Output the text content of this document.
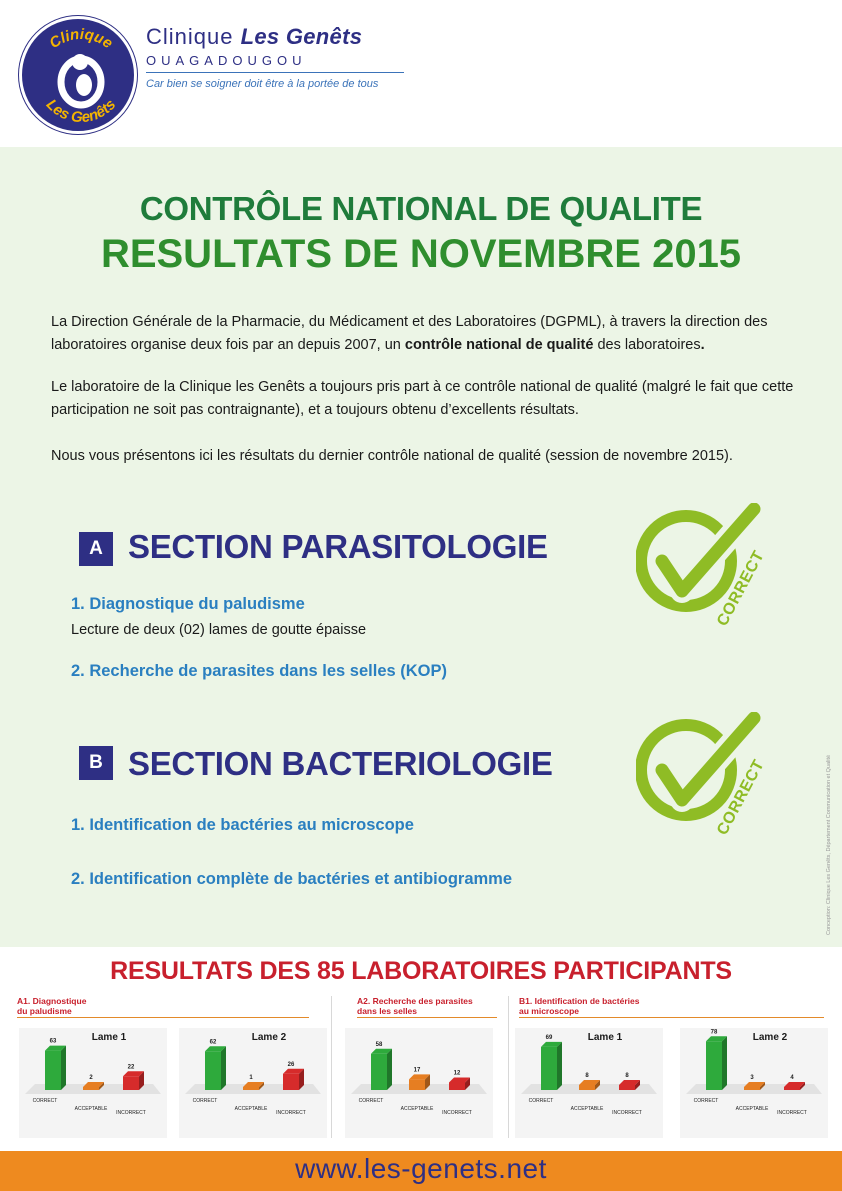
Clinique
Les Genêts
Clinique Les Genêts
OUAGADOUGOU
Car bien se soigner doit être à la portée de tous
CONTRÔLE NATIONAL DE QUALITE
RESULTATS DE NOVEMBRE 2015
La Direction Générale de la Pharmacie, du Médicament et des Laboratoires (DGPML), à travers la direction des laboratoires organise deux fois par an depuis 2007, un contrôle national de qualité des laboratoires.
Le laboratoire de la Clinique les Genêts a toujours pris part à ce contrôle national de qualité (malgré le fait que cette participation ne soit pas contraignante), et a toujours obtenu d’excellents résultats.
Nous vous présentons ici les résultats du dernier contrôle national de qualité (session de novembre 2015).
A SECTION PARASITOLOGIE
1. Diagnostique du paludisme
Lecture de deux (02) lames de goutte épaisse
2. Recherche de parasites dans les selles (KOP)
CORRECT
B SECTION BACTERIOLOGIE
1. Identification de bactéries au microscope
2. Identification complète de bactéries et antibiogramme
CORRECT	Conception: Clinique Les Genêts, Département Communication et Qualité
RESULTATS DES 85 LABORATOIRES PARTICIPANTS
A1. Diagnostique
du paludisme
A2. Recherche des parasites
dans les selles
B1. Identification de bactéries
au microscope
Lame 1
63
CORRECT
2
ACCEPTABLE
22
INCORRECT
Lame 2
62
CORRECT
1
ACCEPTABLE
26
INCORRECT
58
CORRECT
17
ACCEPTABLE
12
INCORRECT
Lame 1
69
CORRECT
8
ACCEPTABLE
8
INCORRECT
Lame 2
78
CORRECT
3
ACCEPTABLE
4
INCORRECT
www.les-genets.net
